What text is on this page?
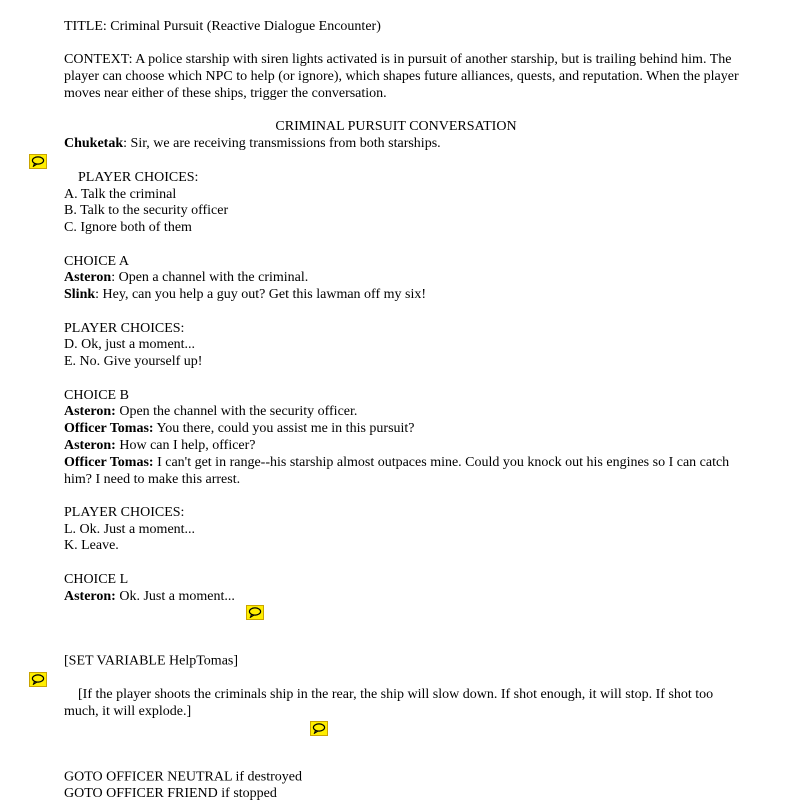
TITLE: Criminal Pursuit (Reactive Dialogue Encounter)
CONTEXT: A police starship with siren lights activated is in pursuit of another starship, but is trailing behind him. The player can choose which NPC to help (or ignore), which shapes future alliances, quests, and reputation. When the player moves near either of these ships, trigger the conversation.
CRIMINAL PURSUIT CONVERSATION
Chuketak: Sir, we are receiving transmissions from both starships.

PLAYER CHOICES:
A. Talk the criminal
B. Talk to the security officer
C. Ignore both of them
CHOICE A
Asteron: Open a channel with the criminal.
Slink: Hey, can you help a guy out? Get this lawman off my six!
PLAYER CHOICES:
D. Ok, just a moment...
E. No. Give yourself up!
CHOICE B
Asteron: Open the channel with the security officer.
Officer Tomas: You there, could you assist me in this pursuit?
Asteron: How can I help, officer?
Officer Tomas: I can't get in range--his starship almost outpaces mine. Could you knock out his engines so I can catch him? I need to make this arrest.
PLAYER CHOICES:
L. Ok. Just a moment...
K. Leave.
CHOICE L
Asteron: Ok. Just a moment...
[SET VARIABLE HelpTomas]

[If the player shoots the criminals ship in the rear, the ship will slow down. If shot enough, it will stop. If shot too much, it will explode.]
GOTO OFFICER NEUTRAL if destroyed

GOTO OFFICER FRIEND if stopped
